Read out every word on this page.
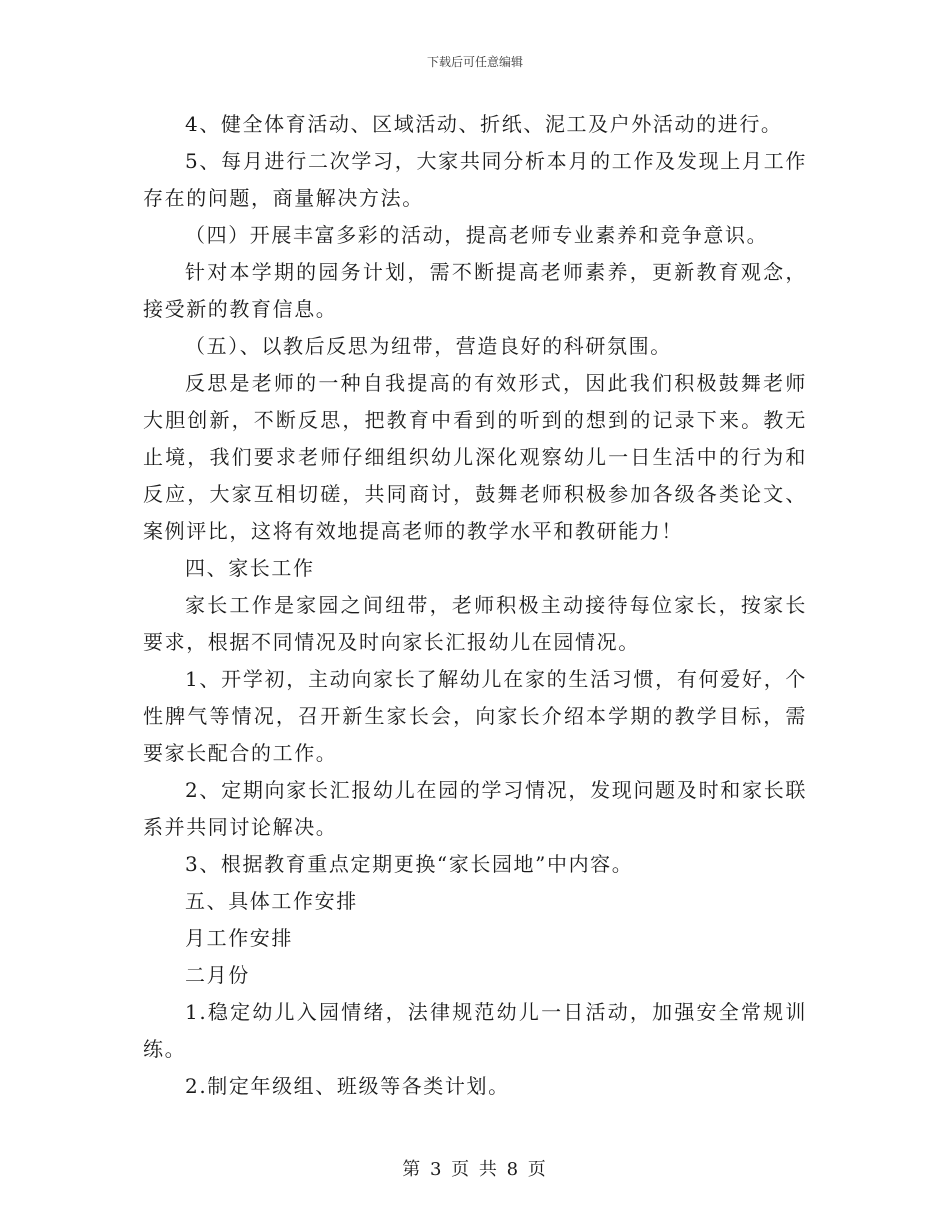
下载后可任意编辑

4、健全体育活动、区域活动、折纸、泥工及户外活动的进行。

5、每月进行二次学习，大家共同分析本月的工作及发现上月工作存在的问题，商量解决方法。

（四）开展丰富多彩的活动，提高老师专业素养和竞争意识。

针对本学期的园务计划，需不断提高老师素养，更新教育观念，接受新的教育信息。

（五）、以教后反思为纽带，营造良好的科研氛围。

反思是老师的一种自我提高的有效形式，因此我们积极鼓舞老师大胆创新，不断反思，把教育中看到的听到的想到的记录下来。教无止境，我们要求老师仔细组织幼儿深化观察幼儿一日生活中的行为和反应，大家互相切磋，共同商讨，鼓舞老师积极参加各级各类论文、案例评比，这将有效地提高老师的教学水平和教研能力！

四、家长工作

家长工作是家园之间纽带，老师积极主动接待每位家长，按家长要求，根据不同情况及时向家长汇报幼儿在园情况。

1、开学初，主动向家长了解幼儿在家的生活习惯，有何爱好，个性脾气等情况，召开新生家长会，向家长介绍本学期的教学目标，需要家长配合的工作。

2、定期向家长汇报幼儿在园的学习情况，发现问题及时和家长联系并共同讨论解决。

3、根据教育重点定期更换“家长园地”中内容。

五、具体工作安排

月工作安排

二月份

1.稳定幼儿入园情绪，法律规范幼儿一日活动，加强安全常规训练。

2.制定年级组、班级等各类计划。

第 3 页 共 8 页
